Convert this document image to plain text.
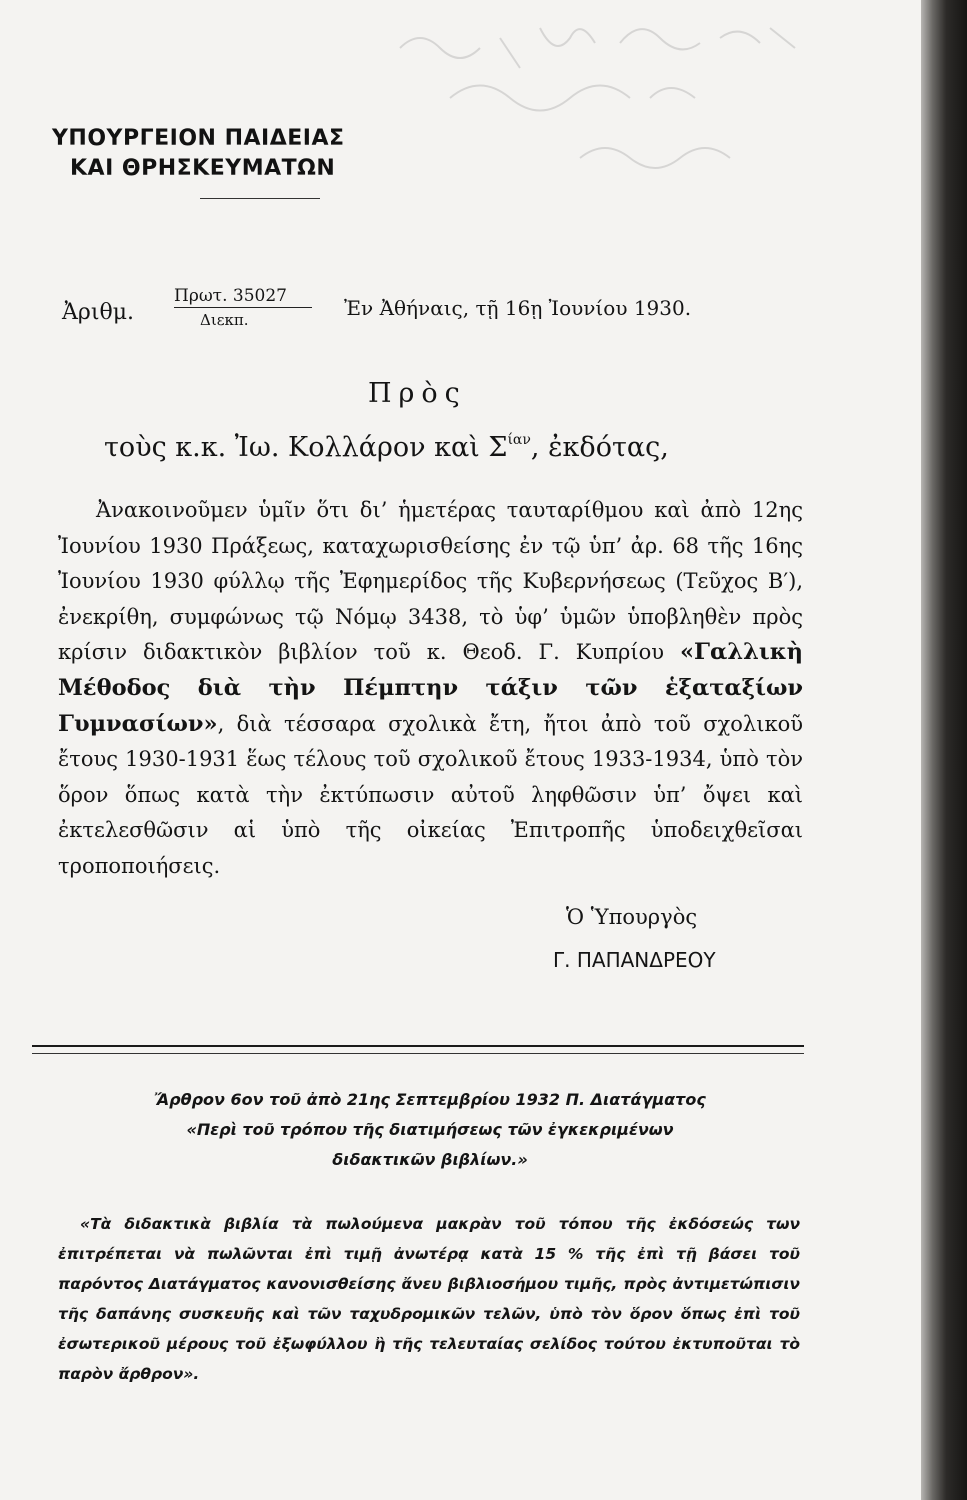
ΥΠΟΥΡΓΕΙΟΝ ΠΑΙΔΕΙΑΣ
ΚΑΙ ΘΡΗΣΚΕΥΜΑΤΩΝ
Ἀριθμ.
Πρωτ. 35027
Διεκπ.	Ἐν Ἀθήναις, τῇ 16ῃ Ἰουνίου 1930.
Πρὸς
τοὺς κ.κ. Ἰω. Κολλάρον καὶ $\Sigma^{ί\alpha\nu}$, ἐκδότας,
Ἀνακοινοῦμεν ὑμῖν ὅτι δι’ ἡμετέρας ταυταρίθμου καὶ ἀπὸ 12ης Ἰουνίου 1930 Πράξεως, καταχωρισθείσης ἐν τῷ ὑπ’ ἀρ. 68 τῆς 16ης Ἰουνίου 1930 φύλλῳ τῆς Ἐφημερίδος τῆς Κυβερνήσεως (Τεῦχος Β′), ἐνεκρίθη, συμφώνως τῷ Νόμῳ 3438, τὸ ὑφ’ ὑμῶν ὑποβληθὲν πρὸς κρίσιν διδακτικὸν βιβλίον τοῦ κ. Θεοδ. Γ. Κυπρίου «Γαλλικὴ Μέθοδος διὰ τὴν Πέμπτην τάξιν τῶν ἑξαταξίων Γυμνασίων», διὰ τέσσαρα σχολικὰ ἔτη, ἤτοι ἀπὸ τοῦ σχολικοῦ ἔτους 1930-1931 ἕως τέλους τοῦ σχολικοῦ ἔτους 1933-1934, ὑπὸ τὸν ὅρον ὅπως κατὰ τὴν ἐκτύπωσιν αὐτοῦ ληφθῶσιν ὑπ’ ὄψει καὶ ἐκτελεσθῶσιν αἱ ὑπὸ τῆς οἰκείας Ἐπιτροπῆς ὑποδειχθεῖσαι τροποποιήσεις.
Ὁ Ὑπουργὸς
Γ. ΠΑΠΑΝΔΡΕΟΥ
Ἄρθρον 6ον τοῦ ἀπὸ 21ης Σεπτεμβρίου 1932 Π. Διατάγματος
«Περὶ τοῦ τρόπου τῆς διατιμήσεως τῶν ἐγκεκριμένων
διδακτικῶν βιβλίων.»
«Τὰ διδακτικὰ βιβλία τὰ πωλούμενα μακρὰν τοῦ τόπου τῆς ἐκδόσεώς των ἐπιτρέπεται νὰ πωλῶνται ἐπὶ τιμῇ ἀνωτέρᾳ κατὰ 15 % τῆς ἐπὶ τῇ βάσει τοῦ παρόντος Διατάγματος κανονισθείσης ἄνευ βιβλιοσήμου τιμῆς, πρὸς ἀντιμετώπισιν τῆς δαπάνης συσκευῆς καὶ τῶν ταχυδρομικῶν τελῶν, ὑπὸ τὸν ὅρον ὅπως ἐπὶ τοῦ ἐσωτερικοῦ μέρους τοῦ ἐξωφύλλου ἢ τῆς τελευταίας σελίδος τούτου ἐκτυποῦται τὸ παρὸν ἄρθρον».
